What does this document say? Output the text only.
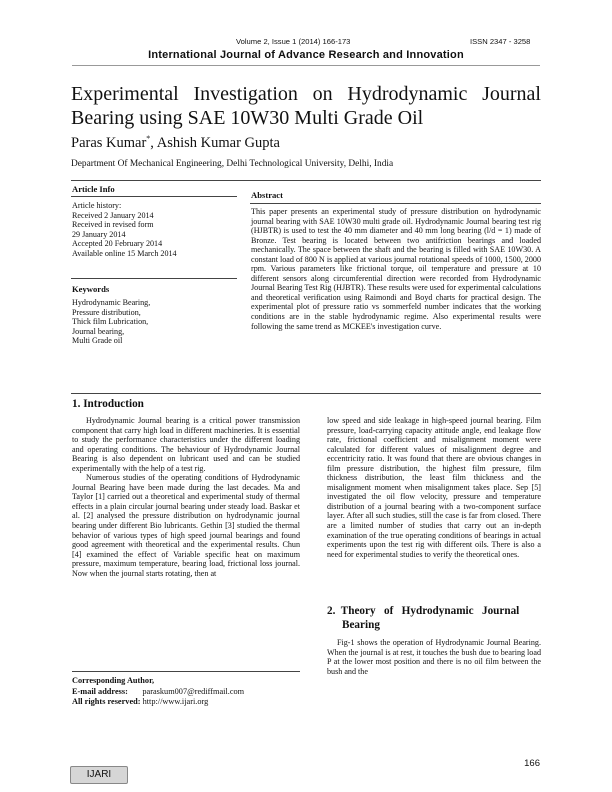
Volume 2, Issue 1 (2014) 166-173	ISSN 2347 - 3258
International Journal of Advance Research and Innovation
Experimental Investigation on Hydrodynamic Journal Bearing using SAE 10W30 Multi Grade Oil
Paras Kumar*, Ashish Kumar Gupta
Department Of Mechanical Engineering, Delhi Technological University, Delhi, India
Article Info
Article history:
Received 2 January 2014
Received in revised form
29 January 2014
Accepted 20 February 2014
Available online 15 March 2014
Keywords
Hydrodynamic Bearing,
Pressure distribution,
Thick film Lubrication,
Journal bearing,
Multi Grade oil
Abstract
This paper presents an experimental study of pressure distribution on hydrodynamic journal bearing with SAE 10W30 multi grade oil. Hydrodynamic Journal bearing test rig (HJBTR) is used to test the 40 mm diameter and 40 mm long bearing (l/d = 1) made of Bronze. Test bearing is located between two antifriction bearings and loaded mechanically. The space between the shaft and the bearing is filled with SAE 10W30. A constant load of 800 N is applied at various journal rotational speeds of 1000, 1500, 2000 rpm. Various parameters like frictional torque, oil temperature and pressure at 10 different sensors along circumferential direction were recorded from Hydrodynamic Journal Bearing Test Rig (HJBTR). These results were used for experimental calculations and theoretical verification using Raimondi and Boyd charts for practical design. The experimental plot of pressure ratio vs sommerfeld number indicates that the working conditions are in the stable hydrodynamic regime. Also experimental results were following the same trend as MCKEE's investigation curve.
1. Introduction

Hydrodynamic Journal bearing is a critical power transmission component that carry high load in different machineries. It is essential to study the performance characteristics under the different loading and operating conditions. The behaviour of Hydrodynamic Journal Bearing is also dependent on lubricant used and can be studied experimentally with the help of a test rig.

Numerous studies of the operating conditions of Hydrodynamic Journal Bearing have been made during the last decades. Ma and Taylor [1] carried out a theoretical and experimental study of thermal effects in a plain circular journal bearing under steady load. Baskar et al. [2] analysed the pressure distribution on hydrodynamic journal bearing under different Bio lubricants. Gethin [3] studied the thermal behavior of various types of high speed journal bearings and found good agreement with theoretical and the experimental results. Chun [4] examined the effect of Variable specific heat on maximum pressure, maximum temperature, bearing load, frictional loss journal. Now when the journal starts rotating, then at

Corresponding Author,
E-mail address: paraskum007@rediffmail.com
All rights reserved: http://www.ijari.org

low speed and side leakage in high-speed journal bearing. Film pressure, load-carrying capacity attitude angle, end leakage flow rate, frictional coefficient and misalignment moment were calculated for different values of misalignment degree and eccentricity ratio. It was found that there are obvious changes in film pressure distribution, the highest film pressure, film thickness distribution, the least film thickness and the misalignment moment when misalignment takes place. Sep [5] investigated the oil flow velocity, pressure and temperature distribution of a journal bearing with a two-component surface layer. After all such studies, still the case is far from closed. There are a limited number of studies that carry out an in-depth examination of the true operating conditions of bearings in actual experiments upon the test rig with different oils. There is also a need for experimental studies to verify the theoretical ones.

2.  Theory   of   Hydrodynamic   Journal
Bearing

Fig-1 shows the operation of Hydrodynamic Journal Bearing. When the journal is at rest, it touches the bush due to bearing load P at the lower most position and there is no oil film between the bush and the

IJARI
166
